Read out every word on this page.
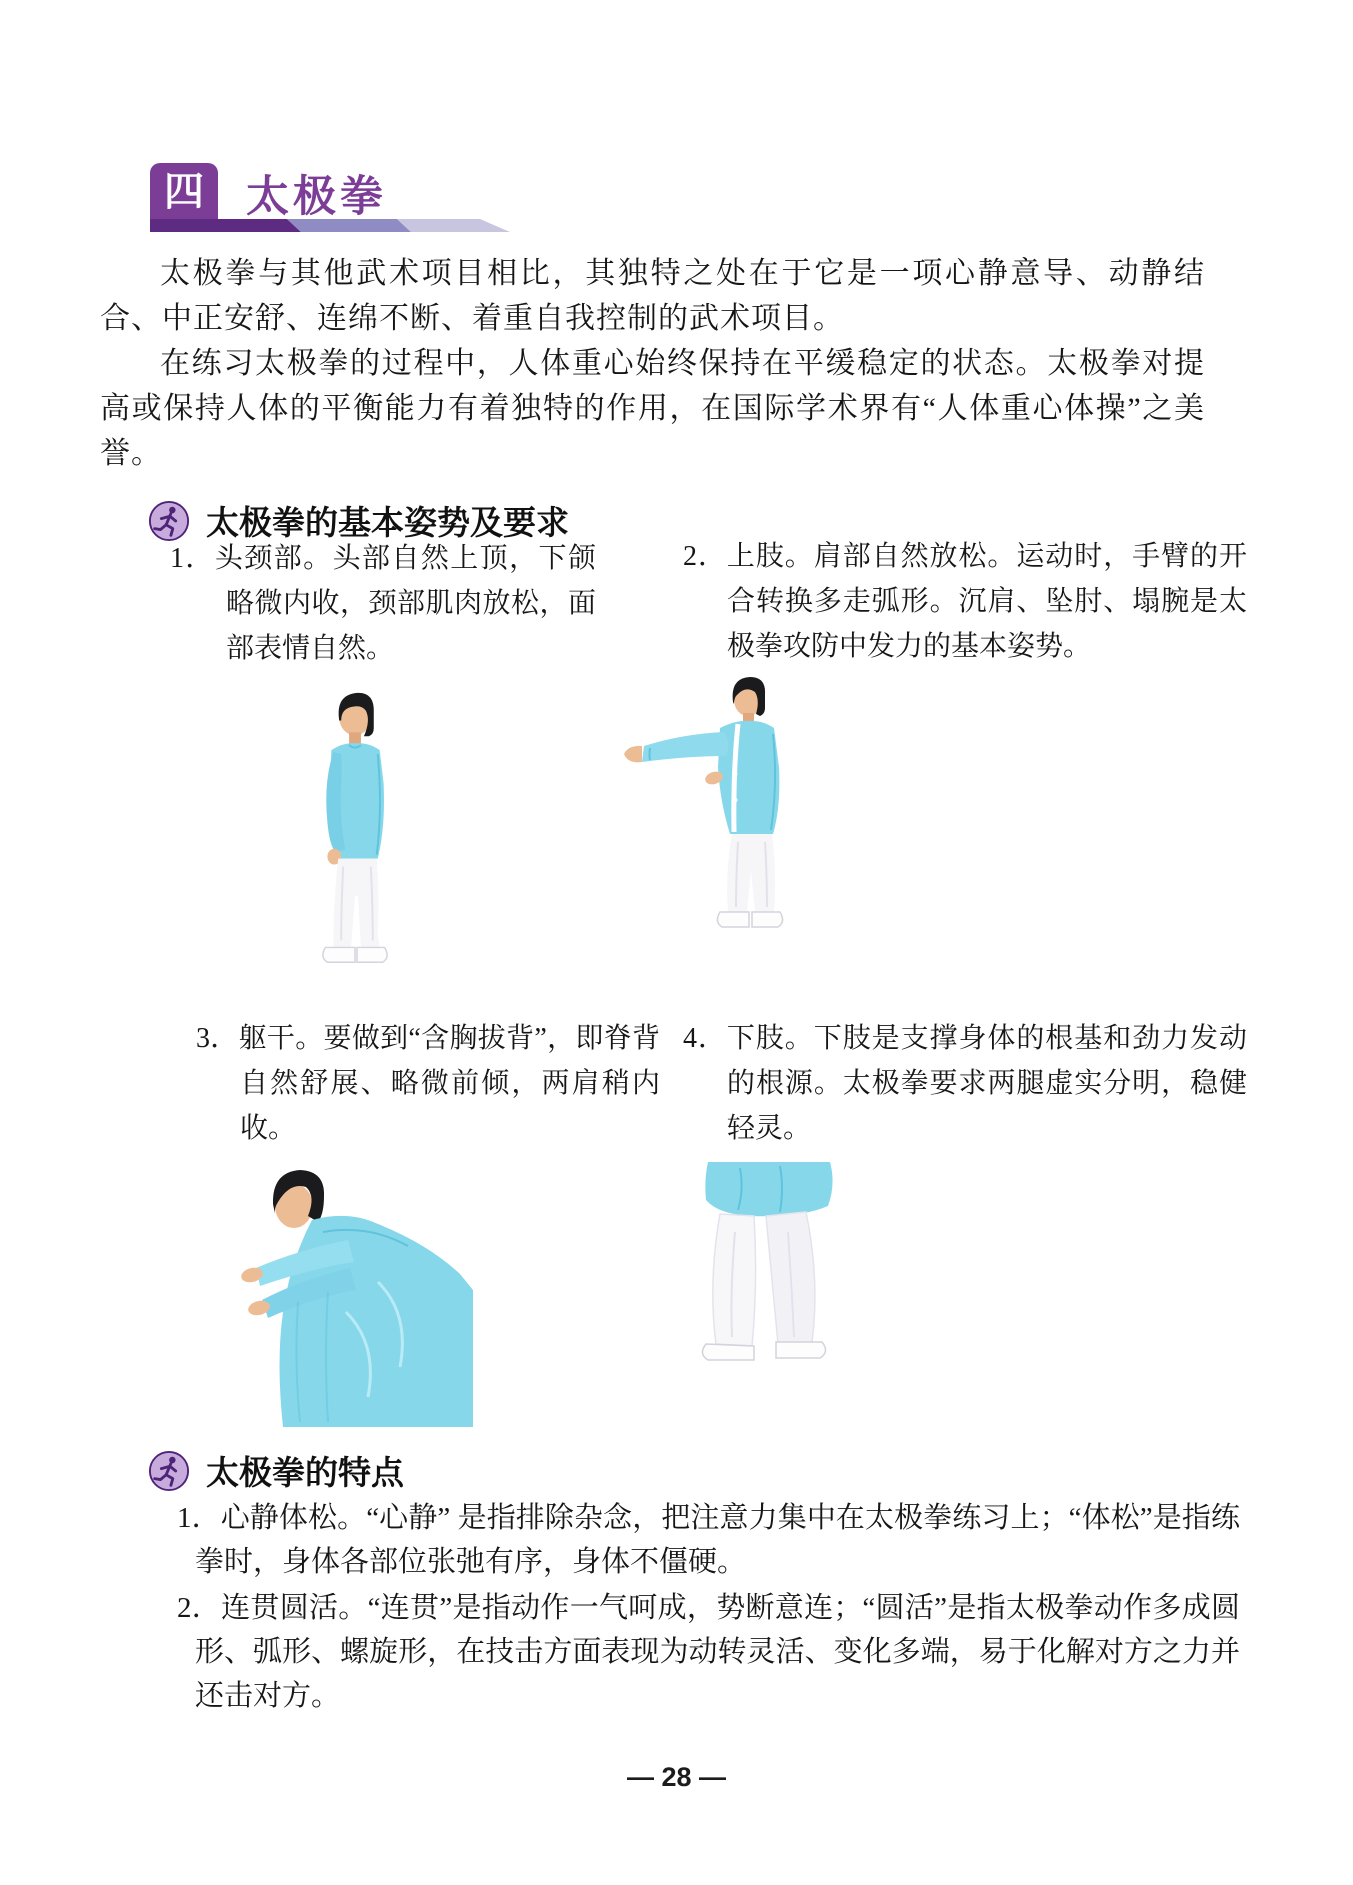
四 太极拳

太极拳与其他武术项目相比，其独特之处在于它是一项心静意导、动静结合、中正安舒、连绵不断、着重自我控制的武术项目。

在练习太极拳的过程中，人体重心始终保持在平缓稳定的状态。太极拳对提高或保持人体的平衡能力有着独特的作用，在国际学术界有“人体重心体操”之美誉。

太极拳的基本姿势及要求
1．头颈部。头部自然上顶，下颌略微内收，颈部肌肉放松，面部表情自然。
2．上肢。肩部自然放松。运动时，手臂的开合转换多走弧形。沉肩、坠肘、塌腕是太极拳攻防中发力的基本姿势。
3．躯干。要做到“含胸拔背”，即脊背自然舒展、略微前倾，两肩稍内收。
4．下肢。下肢是支撑身体的根基和劲力发动的根源。太极拳要求两腿虚实分明，稳健轻灵。
太极拳的特点
1．心静体松。“心静” 是指排除杂念，把注意力集中在太极拳练习上；“体松”是指练拳时，身体各部位张弛有序，身体不僵硬。
2．连贯圆活。“连贯”是指动作一气呵成，势断意连；“圆活”是指太极拳动作多成圆形、弧形、螺旋形，在技击方面表现为动转灵活、变化多端，易于化解对方之力并还击对方。
— 28 —
